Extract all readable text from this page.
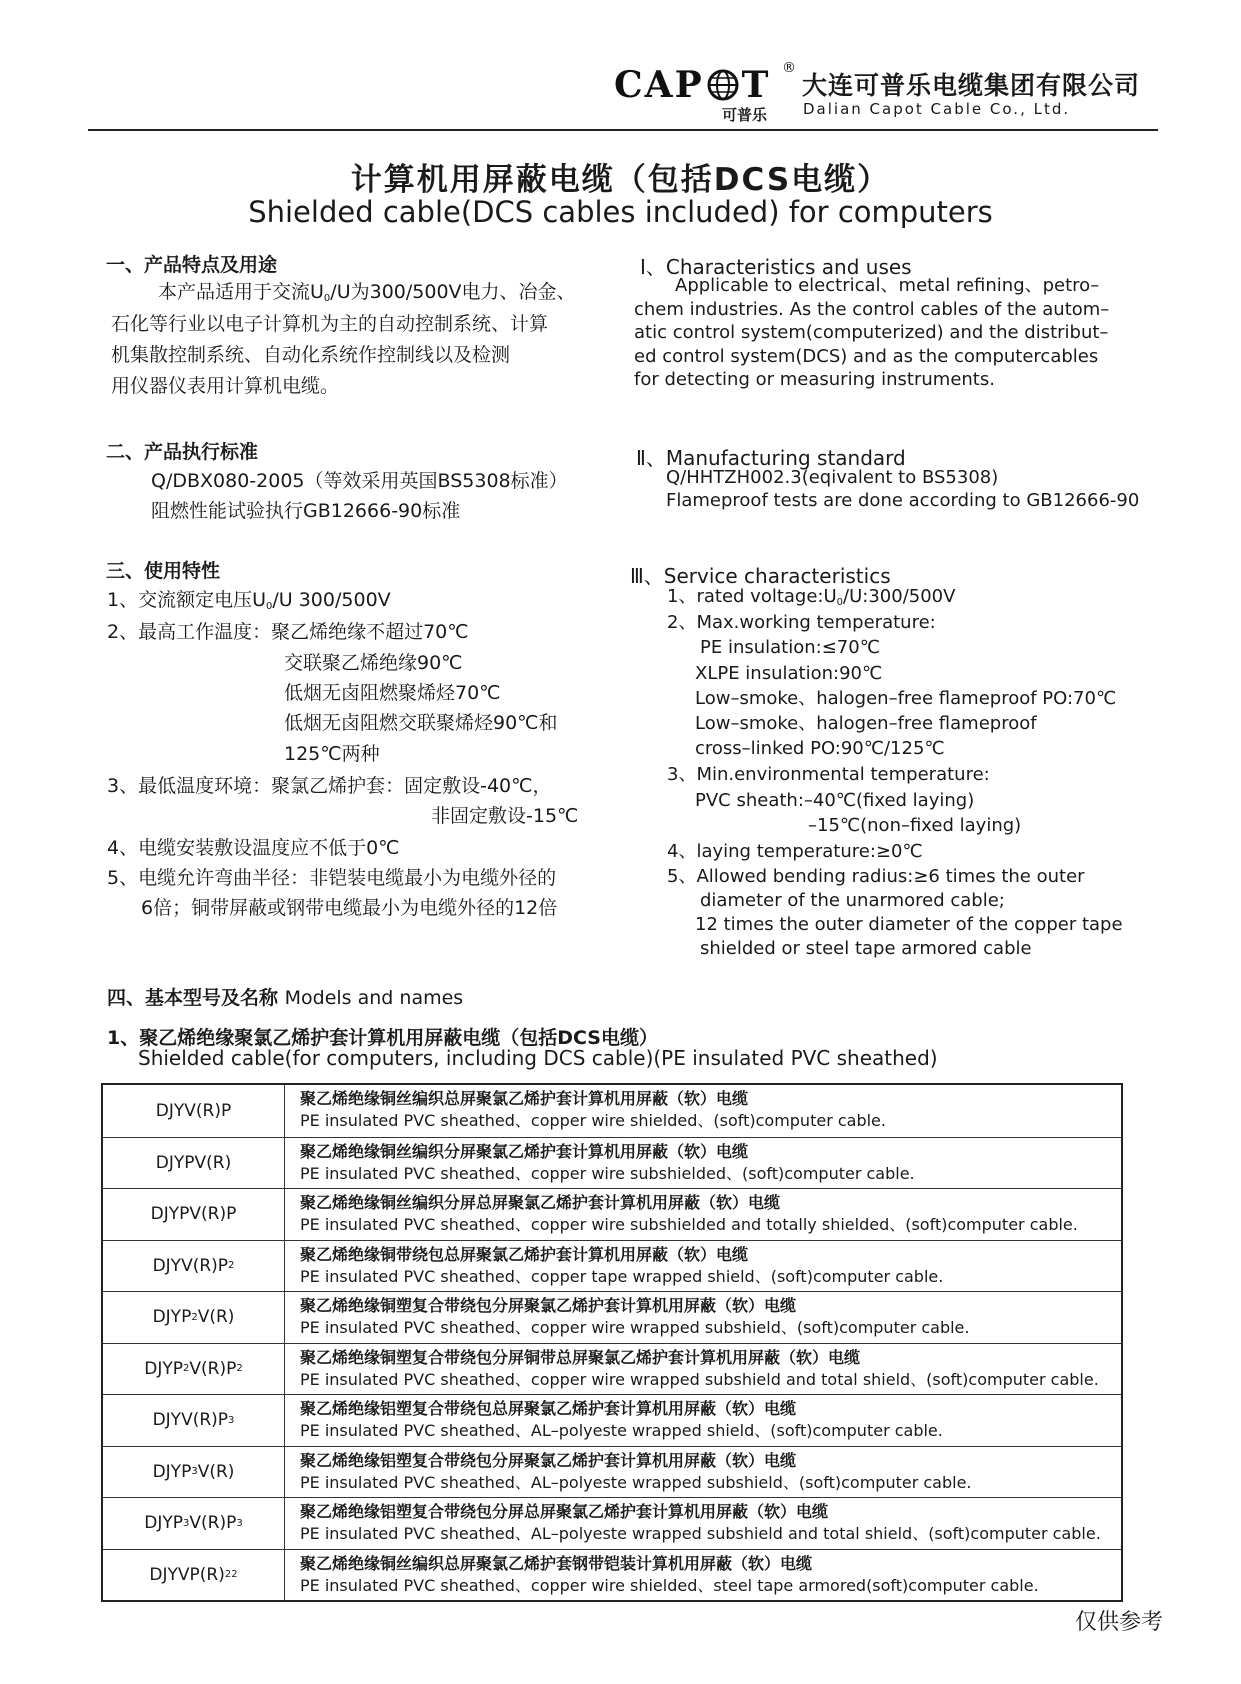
CAP T ®
可普乐
大连可普乐电缆集团有限公司
Dalian Capot Cable Co., Ltd.
计算机用屏蔽电缆（包括DCS电缆）
Shielded cable(DCS cables included) for computers
一、产品特点及用途
本产品适用于交流$U_0/U$为300/500V电力、冶金、
石化等行业以电子计算机为主的自动控制系统、计算
机集散控制系统、自动化系统作控制线以及检测
用仪器仪表用计算机电缆。
Ⅰ、Characteristics and uses
Applicable to electrical、metal refining、petro–
chem industries. As the control cables of the autom–
atic control system(computerized) and the distribut–
ed control system(DCS) and as the computercables
for detecting or measuring instruments.
二、产品执行标准
Q/DBX080-2005（等效采用英国BS5308标准）
阻燃性能试验执行GB12666-90标准
Ⅱ、Manufacturing standard
Q/HHTZH002.3(eqivalent to BS5308)
Flameproof tests are done according to GB12666-90
三、使用特性
1、交流额定电压$U_0/U$ 300/500V
2、最高工作温度：聚乙烯绝缘不超过70℃
交联聚乙烯绝缘90℃
低烟无卤阻燃聚烯烃70℃
低烟无卤阻燃交联聚烯烃90℃和
125℃两种
3、最低温度环境：聚氯乙烯护套：固定敷设-40℃，
非固定敷设-15℃
4、电缆安装敷设温度应不低于0℃
5、电缆允许弯曲半径：非铠装电缆最小为电缆外径的
6倍；铜带屏蔽或钢带电缆最小为电缆外径的12倍
Ⅲ、Service characteristics
1、rated $voltage:U_0/U:300/500V$
2、Max.working temperature:
PE insulation:≤70℃
XLPE insulation:90℃
Low–smoke、halogen–free flameproof PO:70℃
Low–smoke、halogen–free flameproof
cross–linked PO:90℃/125℃
3、Min.environmental temperature:
PVC sheath:–40℃(fixed laying)
–15℃(non–fixed laying)
4、laying temperature:≥0℃
5、Allowed bending radius:≥6 times the outer
diameter of the unarmored cable;
12 times the outer diameter of the copper tape
shielded or steel tape armored cable
四、基本型号及名称 Models and names
1、聚乙烯绝缘聚氯乙烯护套计算机用屏蔽电缆（包括DCS电缆）
Shielded cable(for computers, including DCS cable)(PE insulated PVC sheathed)
DJYV(R)P
聚乙烯绝缘铜丝编织总屏聚氯乙烯护套计算机用屏蔽（软）电缆
PE insulated PVC sheathed、copper wire shielded、(soft)computer cable.
DJYPV(R)
聚乙烯绝缘铜丝编织分屏聚氯乙烯护套计算机用屏蔽（软）电缆
PE insulated PVC sheathed、copper wire subshielded、(soft)computer cable.
DJYPV(R)P
聚乙烯绝缘铜丝编织分屏总屏聚氯乙烯护套计算机用屏蔽（软）电缆
PE insulated PVC sheathed、copper wire subshielded and totally shielded、(soft)computer cable.
DJYV(R)P 2
聚乙烯绝缘铜带绕包总屏聚氯乙烯护套计算机用屏蔽（软）电缆
PE insulated PVC sheathed、copper tape wrapped shield、(soft)computer cable.
DJYP 2 V(R)
聚乙烯绝缘铜塑复合带绕包分屏聚氯乙烯护套计算机用屏蔽（软）电缆
PE insulated PVC sheathed、copper wire wrapped subshield、(soft)computer cable.
DJYP 2 V(R)P 2
聚乙烯绝缘铜塑复合带绕包分屏铜带总屏聚氯乙烯护套计算机用屏蔽（软）电缆
PE insulated PVC sheathed、copper wire wrapped subshield and total shield、(soft)computer cable.
DJYV(R)P 3
聚乙烯绝缘铝塑复合带绕包总屏聚氯乙烯护套计算机用屏蔽（软）电缆
PE insulated PVC sheathed、AL–polyeste wrapped shield、(soft)computer cable.
DJYP 3 V(R)
聚乙烯绝缘铝塑复合带绕包分屏聚氯乙烯护套计算机用屏蔽（软）电缆
PE insulated PVC sheathed、AL–polyeste wrapped subshield、(soft)computer cable.
DJYP 3 V(R)P 3
聚乙烯绝缘铝塑复合带绕包分屏总屏聚氯乙烯护套计算机用屏蔽（软）电缆
PE insulated PVC sheathed、AL–polyeste wrapped subshield and total shield、(soft)computer cable.
DJYVP(R) 22
聚乙烯绝缘铜丝编织总屏聚氯乙烯护套钢带铠装计算机用屏蔽（软）电缆
PE insulated PVC sheathed、copper wire shielded、steel tape armored(soft)computer cable.
仅供参考
